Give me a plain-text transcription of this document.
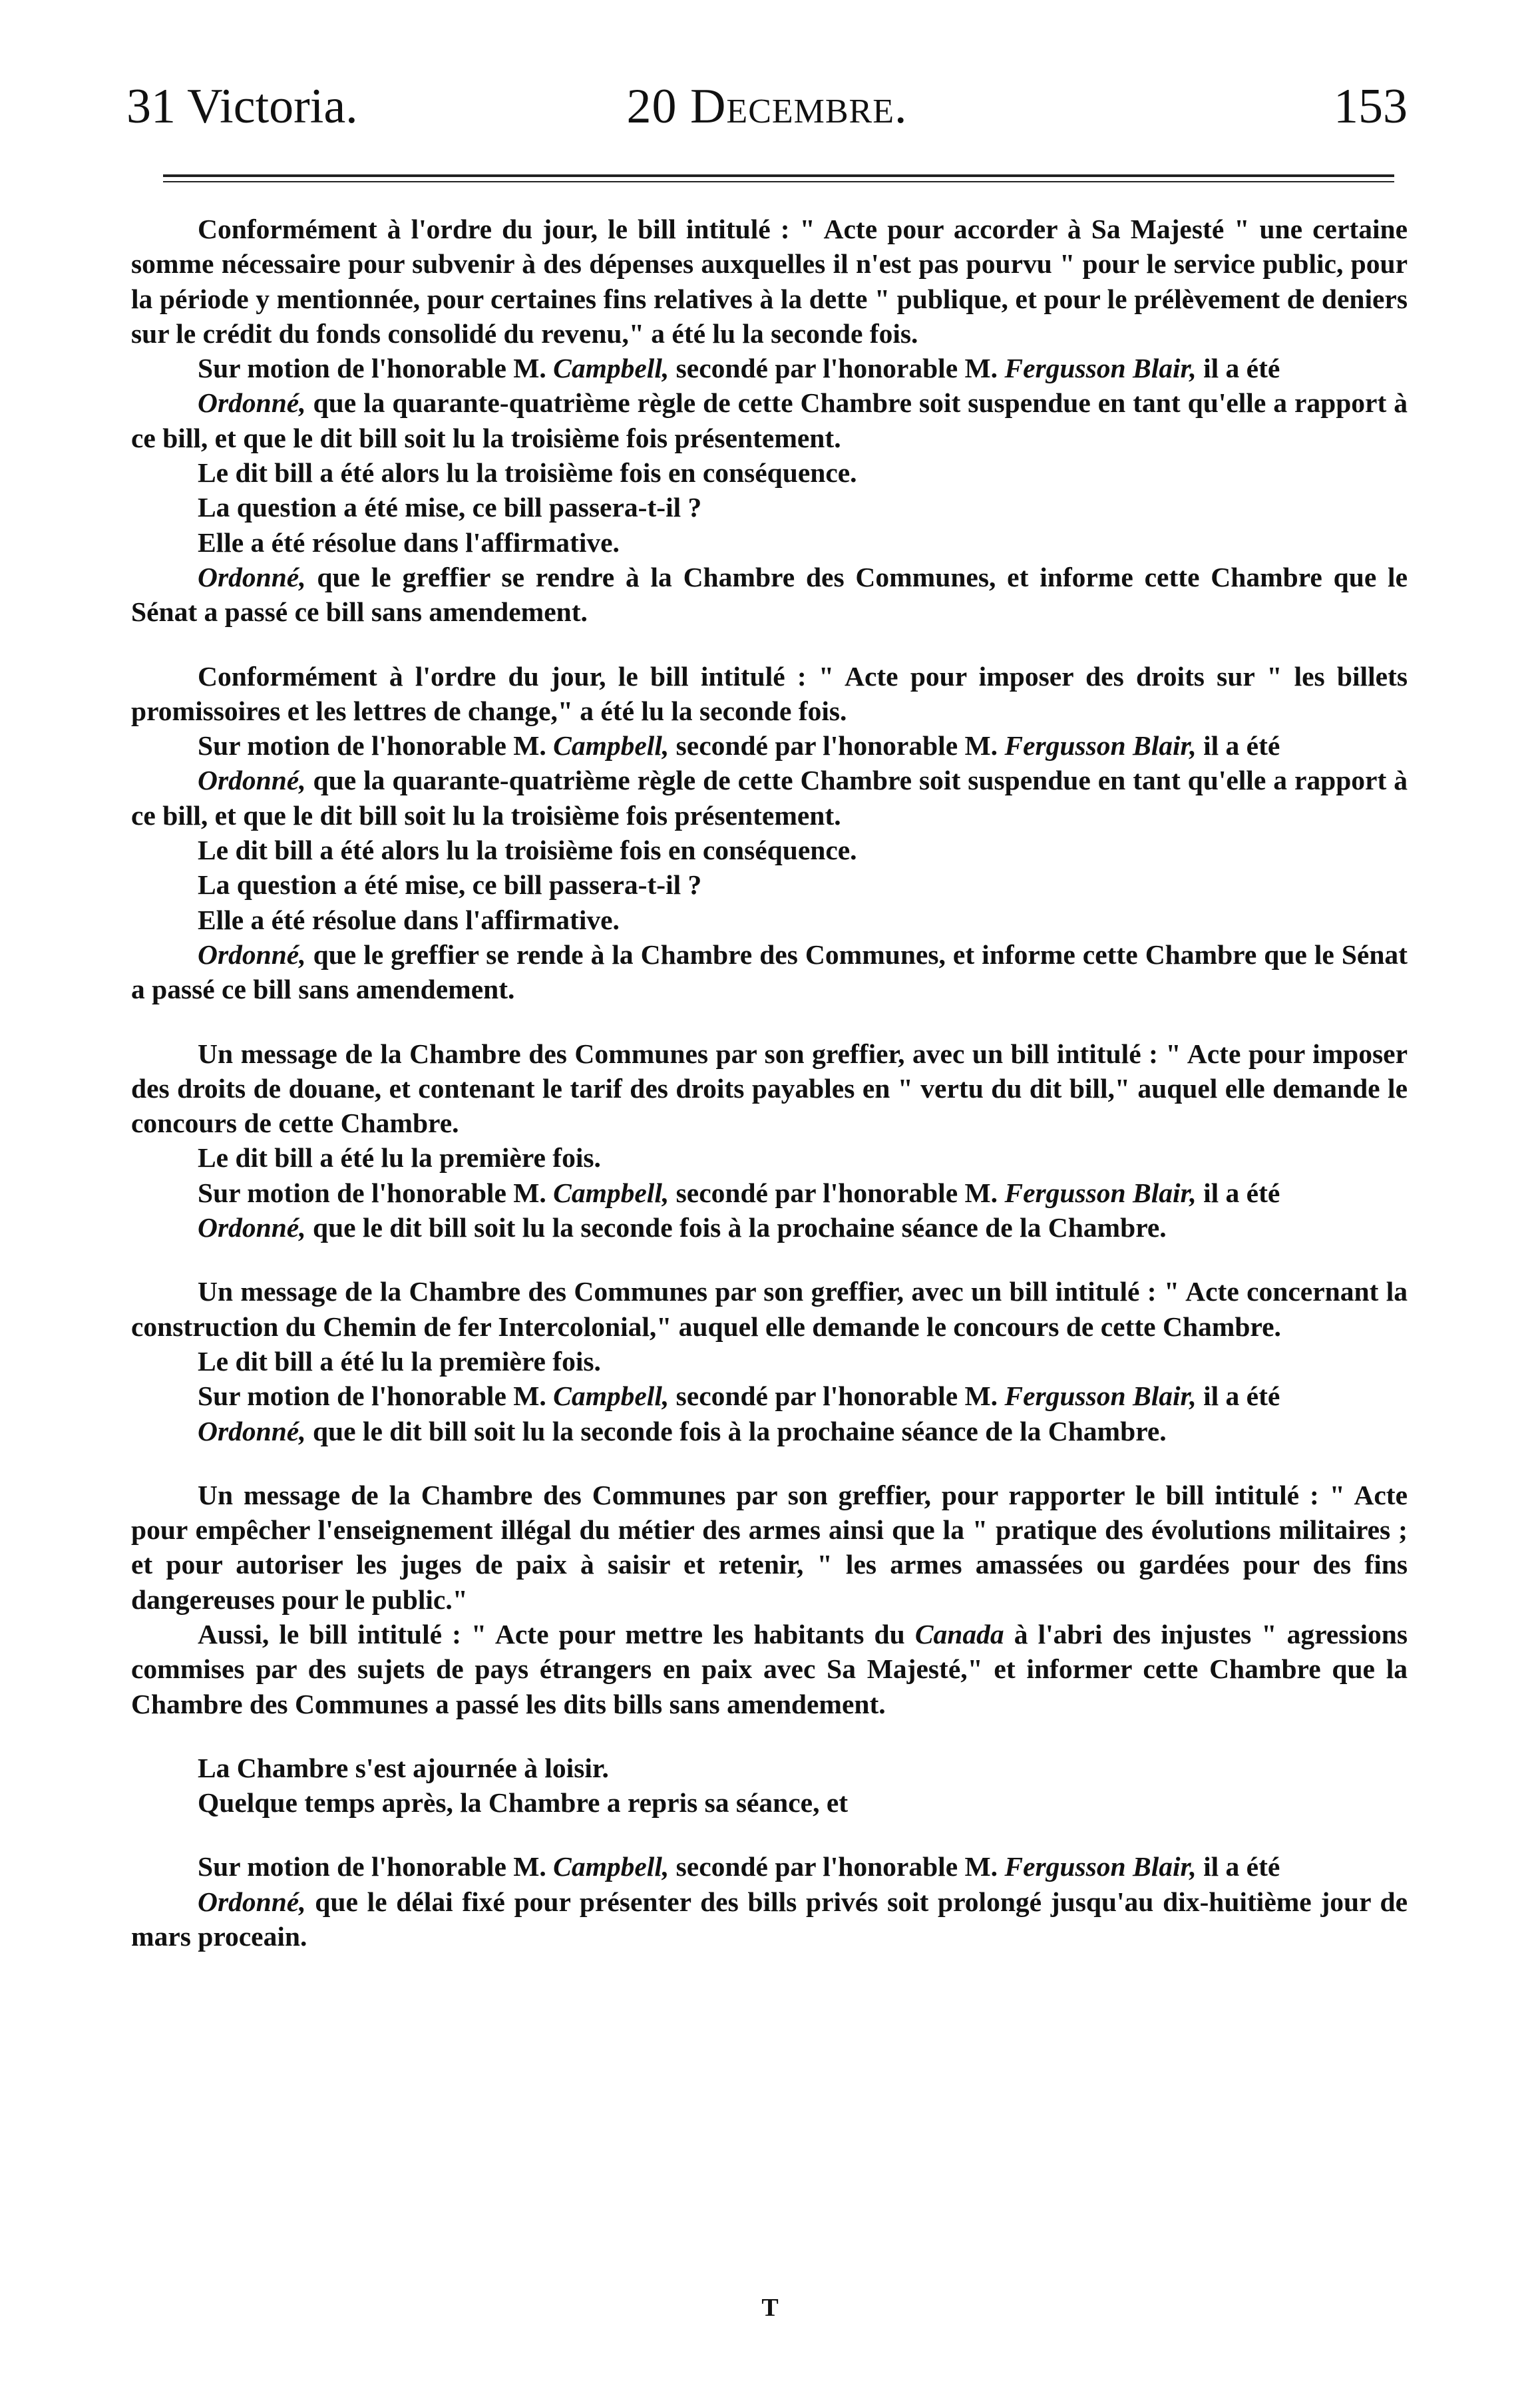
31 Victoria.	20 Decembre.	153

Conformément à l'ordre du jour, le bill intitulé : " Acte pour accorder à Sa Majesté " une certaine somme nécessaire pour subvenir à des dépenses auxquelles il n'est pas pourvu " pour le service public, pour la période y mentionnée, pour certaines fins relatives à la dette " publique, et pour le prélèvement de deniers sur le crédit du fonds consolidé du revenu," a été lu la seconde fois.

Sur motion de l'honorable M. Campbell, secondé par l'honorable M. Fergusson Blair, il a été

Ordonné, que la quarante-quatrième règle de cette Chambre soit suspendue en tant qu'elle a rapport à ce bill, et que le dit bill soit lu la troisième fois présentement.

Le dit bill a été alors lu la troisième fois en conséquence.

La question a été mise, ce bill passera-t-il ?

Elle a été résolue dans l'affirmative.

Ordonné, que le greffier se rendre à la Chambre des Communes, et informe cette Chambre que le Sénat a passé ce bill sans amendement.

Conformément à l'ordre du jour, le bill intitulé : " Acte pour imposer des droits sur " les billets promissoires et les lettres de change," a été lu la seconde fois.

Sur motion de l'honorable M. Campbell, secondé par l'honorable M. Fergusson Blair, il a été

Ordonné, que la quarante-quatrième règle de cette Chambre soit suspendue en tant qu'elle a rapport à ce bill, et que le dit bill soit lu la troisième fois présentement.

Le dit bill a été alors lu la troisième fois en conséquence.

La question a été mise, ce bill passera-t-il ?

Elle a été résolue dans l'affirmative.

Ordonné, que le greffier se rende à la Chambre des Communes, et informe cette Chambre que le Sénat a passé ce bill sans amendement.

Un message de la Chambre des Communes par son greffier, avec un bill intitulé : " Acte pour imposer des droits de douane, et contenant le tarif des droits payables en " vertu du dit bill," auquel elle demande le concours de cette Chambre.

Le dit bill a été lu la première fois.

Sur motion de l'honorable M. Campbell, secondé par l'honorable M. Fergusson Blair, il a été

Ordonné, que le dit bill soit lu la seconde fois à la prochaine séance de la Chambre.

Un message de la Chambre des Communes par son greffier, avec un bill intitulé : " Acte concernant la construction du Chemin de fer Intercolonial," auquel elle demande le concours de cette Chambre.

Le dit bill a été lu la première fois.

Sur motion de l'honorable M. Campbell, secondé par l'honorable M. Fergusson Blair, il a été

Ordonné, que le dit bill soit lu la seconde fois à la prochaine séance de la Chambre.

Un message de la Chambre des Communes par son greffier, pour rapporter le bill intitulé : " Acte pour empêcher l'enseignement illégal du métier des armes ainsi que la " pratique des évolutions militaires ; et pour autoriser les juges de paix à saisir et retenir, " les armes amassées ou gardées pour des fins dangereuses pour le public."

Aussi, le bill intitulé : " Acte pour mettre les habitants du Canada à l'abri des injustes " agressions commises par des sujets de pays étrangers en paix avec Sa Majesté," et informer cette Chambre que la Chambre des Communes a passé les dits bills sans amendement.

La Chambre s'est ajournée à loisir.

Quelque temps après, la Chambre a repris sa séance, et

Sur motion de l'honorable M. Campbell, secondé par l'honorable M. Fergusson Blair, il a été

Ordonné, que le délai fixé pour présenter des bills privés soit prolongé jusqu'au dix-huitième jour de mars proceain.

T
